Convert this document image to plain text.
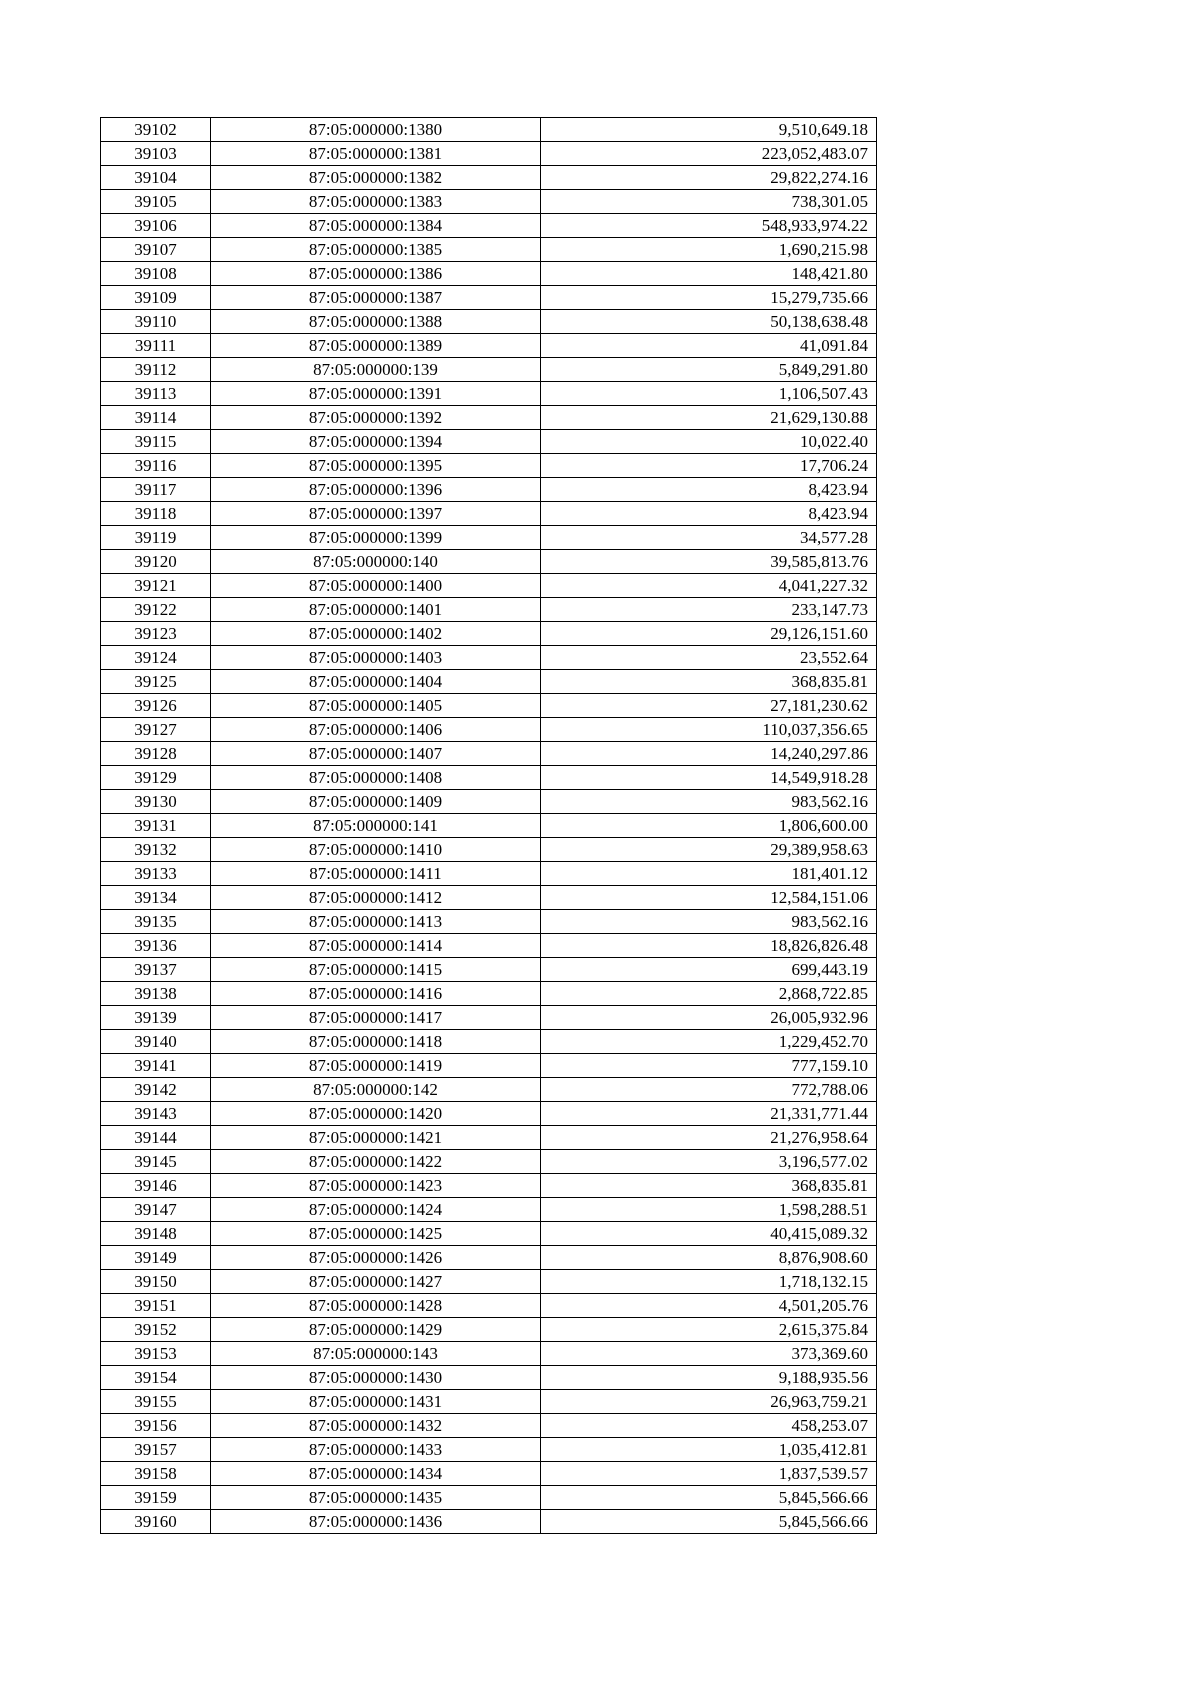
39102	87:05:000000:1380	9,510,649.18
39103	87:05:000000:1381	223,052,483.07
39104	87:05:000000:1382	29,822,274.16
39105	87:05:000000:1383	738,301.05
39106	87:05:000000:1384	548,933,974.22
39107	87:05:000000:1385	1,690,215.98
39108	87:05:000000:1386	148,421.80
39109	87:05:000000:1387	15,279,735.66
39110	87:05:000000:1388	50,138,638.48
39111	87:05:000000:1389	41,091.84
39112	87:05:000000:139	5,849,291.80
39113	87:05:000000:1391	1,106,507.43
39114	87:05:000000:1392	21,629,130.88
39115	87:05:000000:1394	10,022.40
39116	87:05:000000:1395	17,706.24
39117	87:05:000000:1396	8,423.94
39118	87:05:000000:1397	8,423.94
39119	87:05:000000:1399	34,577.28
39120	87:05:000000:140	39,585,813.76
39121	87:05:000000:1400	4,041,227.32
39122	87:05:000000:1401	233,147.73
39123	87:05:000000:1402	29,126,151.60
39124	87:05:000000:1403	23,552.64
39125	87:05:000000:1404	368,835.81
39126	87:05:000000:1405	27,181,230.62
39127	87:05:000000:1406	110,037,356.65
39128	87:05:000000:1407	14,240,297.86
39129	87:05:000000:1408	14,549,918.28
39130	87:05:000000:1409	983,562.16
39131	87:05:000000:141	1,806,600.00
39132	87:05:000000:1410	29,389,958.63
39133	87:05:000000:1411	181,401.12
39134	87:05:000000:1412	12,584,151.06
39135	87:05:000000:1413	983,562.16
39136	87:05:000000:1414	18,826,826.48
39137	87:05:000000:1415	699,443.19
39138	87:05:000000:1416	2,868,722.85
39139	87:05:000000:1417	26,005,932.96
39140	87:05:000000:1418	1,229,452.70
39141	87:05:000000:1419	777,159.10
39142	87:05:000000:142	772,788.06
39143	87:05:000000:1420	21,331,771.44
39144	87:05:000000:1421	21,276,958.64
39145	87:05:000000:1422	3,196,577.02
39146	87:05:000000:1423	368,835.81
39147	87:05:000000:1424	1,598,288.51
39148	87:05:000000:1425	40,415,089.32
39149	87:05:000000:1426	8,876,908.60
39150	87:05:000000:1427	1,718,132.15
39151	87:05:000000:1428	4,501,205.76
39152	87:05:000000:1429	2,615,375.84
39153	87:05:000000:143	373,369.60
39154	87:05:000000:1430	9,188,935.56
39155	87:05:000000:1431	26,963,759.21
39156	87:05:000000:1432	458,253.07
39157	87:05:000000:1433	1,035,412.81
39158	87:05:000000:1434	1,837,539.57
39159	87:05:000000:1435	5,845,566.66
39160	87:05:000000:1436	5,845,566.66
